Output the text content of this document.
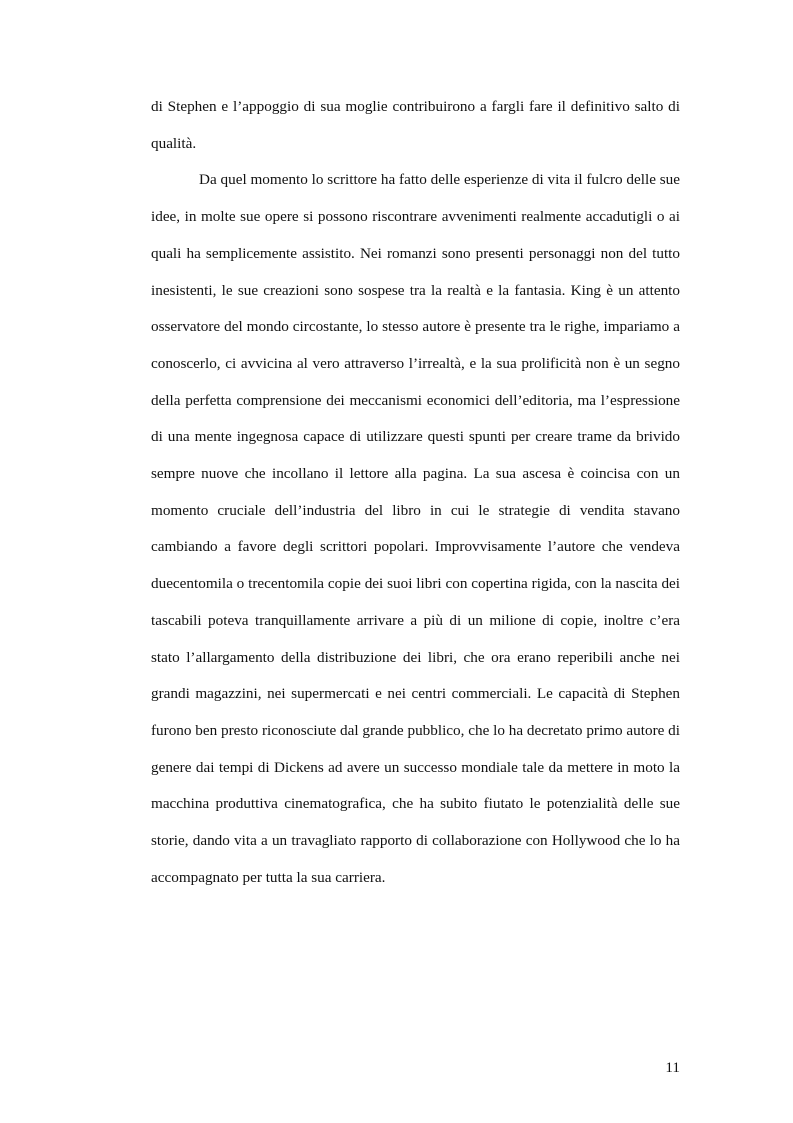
di Stephen e l’appoggio di sua moglie contribuirono a fargli fare il definitivo salto di qualità.

Da quel momento lo scrittore ha fatto delle esperienze di vita il fulcro delle sue idee, in molte sue opere si possono riscontrare avvenimenti realmente accadutigli o ai quali ha semplicemente assistito. Nei romanzi sono presenti personaggi non del tutto inesistenti, le sue creazioni sono sospese tra la realtà e la fantasia. King è un attento osservatore del mondo circostante, lo stesso autore è presente tra le righe, impariamo a conoscerlo, ci avvicina al vero attraverso l’irrealtà, e la sua prolificità non è un segno della perfetta comprensione dei meccanismi economici dell’editoria, ma l’espressione di una mente ingegnosa capace di utilizzare questi spunti per creare trame da brivido sempre nuove che incollano il lettore alla pagina. La sua ascesa è coincisa con un momento cruciale dell’industria del libro in cui le strategie di vendita stavano cambiando a favore degli scrittori popolari. Improvvisamente l’autore che vendeva duecentomila o trecentomila copie dei suoi libri con copertina rigida, con la nascita dei tascabili poteva tranquillamente arrivare a più di un milione di copie, inoltre c’era stato l’allargamento della distribuzione dei libri, che ora erano reperibili anche nei grandi magazzini, nei supermercati e nei centri commerciali. Le capacità di Stephen furono ben presto riconosciute dal grande pubblico, che lo ha decretato primo autore di genere dai tempi di Dickens ad avere un successo mondiale tale da mettere in moto la macchina produttiva cinematografica, che ha subito fiutato le potenzialità delle sue storie, dando vita a un travagliato rapporto di collaborazione con Hollywood che lo ha accompagnato per tutta la sua carriera.

11
